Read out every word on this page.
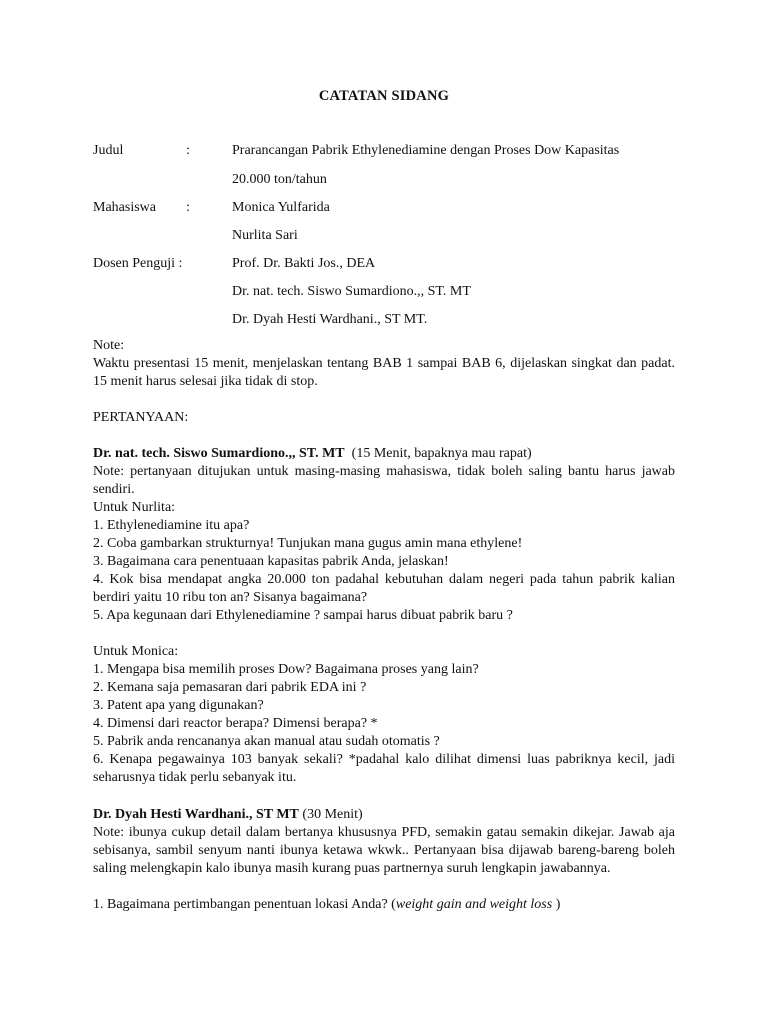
CATATAN SIDANG
Judul	:	Prarancangan Pabrik Ethylenediamine dengan Proses Dow Kapasitas
20.000 ton/tahun
Mahasiswa :	Monica Yulfarida
Nurlita Sari
Dosen Penguji :	Prof. Dr. Bakti Jos., DEA
Dr. nat. tech. Siswo Sumardiono.,, ST. MT
Dr. Dyah Hesti Wardhani., ST MT.

Note:

Waktu presentasi 15 menit, menjelaskan tentang BAB 1 sampai BAB 6, dijelaskan singkat dan padat. 15 menit harus selesai jika tidak di stop.

PERTANYAAN:

Dr. nat. tech. Siswo Sumardiono.,, ST. MT (15 Menit, bapaknya mau rapat)

Note: pertanyaan ditujukan untuk masing-masing mahasiswa, tidak boleh saling bantu harus jawab sendiri.

Untuk Nurlita:

1. Ethylenediamine itu apa?

2. Coba gambarkan strukturnya! Tunjukan mana gugus amin mana ethylene!

3. Bagaimana cara penentuaan kapasitas pabrik Anda, jelaskan!

4. Kok bisa mendapat angka 20.000 ton padahal kebutuhan dalam negeri pada tahun pabrik kalian berdiri yaitu 10 ribu ton an? Sisanya bagaimana?

5. Apa kegunaan dari Ethylenediamine ? sampai harus dibuat pabrik baru ?

Untuk Monica:

1. Mengapa bisa memilih proses Dow? Bagaimana proses yang lain?

2. Kemana saja pemasaran dari pabrik EDA ini ?

3. Patent apa yang digunakan?

4. Dimensi dari reactor berapa? Dimensi berapa? *

5. Pabrik anda rencananya akan manual atau sudah otomatis ?

6. Kenapa pegawainya 103 banyak sekali? *padahal kalo dilihat dimensi luas pabriknya kecil, jadi seharusnya tidak perlu sebanyak itu.

Dr. Dyah Hesti Wardhani., ST MT (30 Menit)

Note: ibunya cukup detail dalam bertanya khususnya PFD, semakin gatau semakin dikejar. Jawab aja sebisanya, sambil senyum nanti ibunya ketawa wkwk.. Pertanyaan bisa dijawab bareng-bareng boleh saling melengkapin kalo ibunya masih kurang puas partnernya suruh lengkapin jawabannya.

1. Bagaimana pertimbangan penentuan lokasi Anda? (weight gain and weight loss )
